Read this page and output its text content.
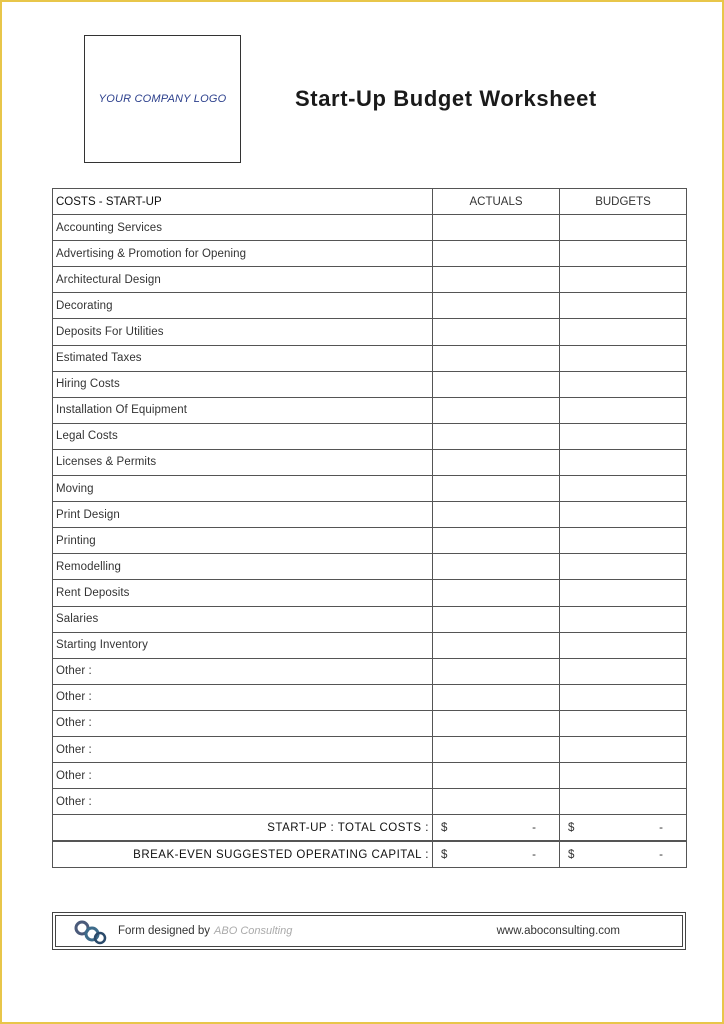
YOUR COMPANY LOGO	Start-Up Budget Worksheet
COSTS - START-UP	ACTUALS	BUDGETS
Accounting Services		
Advertising & Promotion for Opening		
Architectural Design		
Decorating		
Deposits For Utilities		
Estimated Taxes		
Hiring Costs		
Installation Of Equipment		
Legal Costs		
Licenses & Permits		
Moving		
Print Design		
Printing		
Remodelling		
Rent Deposits		
Salaries		
Starting Inventory		
Other :		
Other :		
Other :		
Other :		
Other :		
Other :		
START-UP : TOTAL COSTS :	$ -	$ -

BREAK-EVEN SUGGESTED OPERATING CAPITAL :	$ -	$ -
Form designed by ABO Consulting	www.aboconsulting.com
